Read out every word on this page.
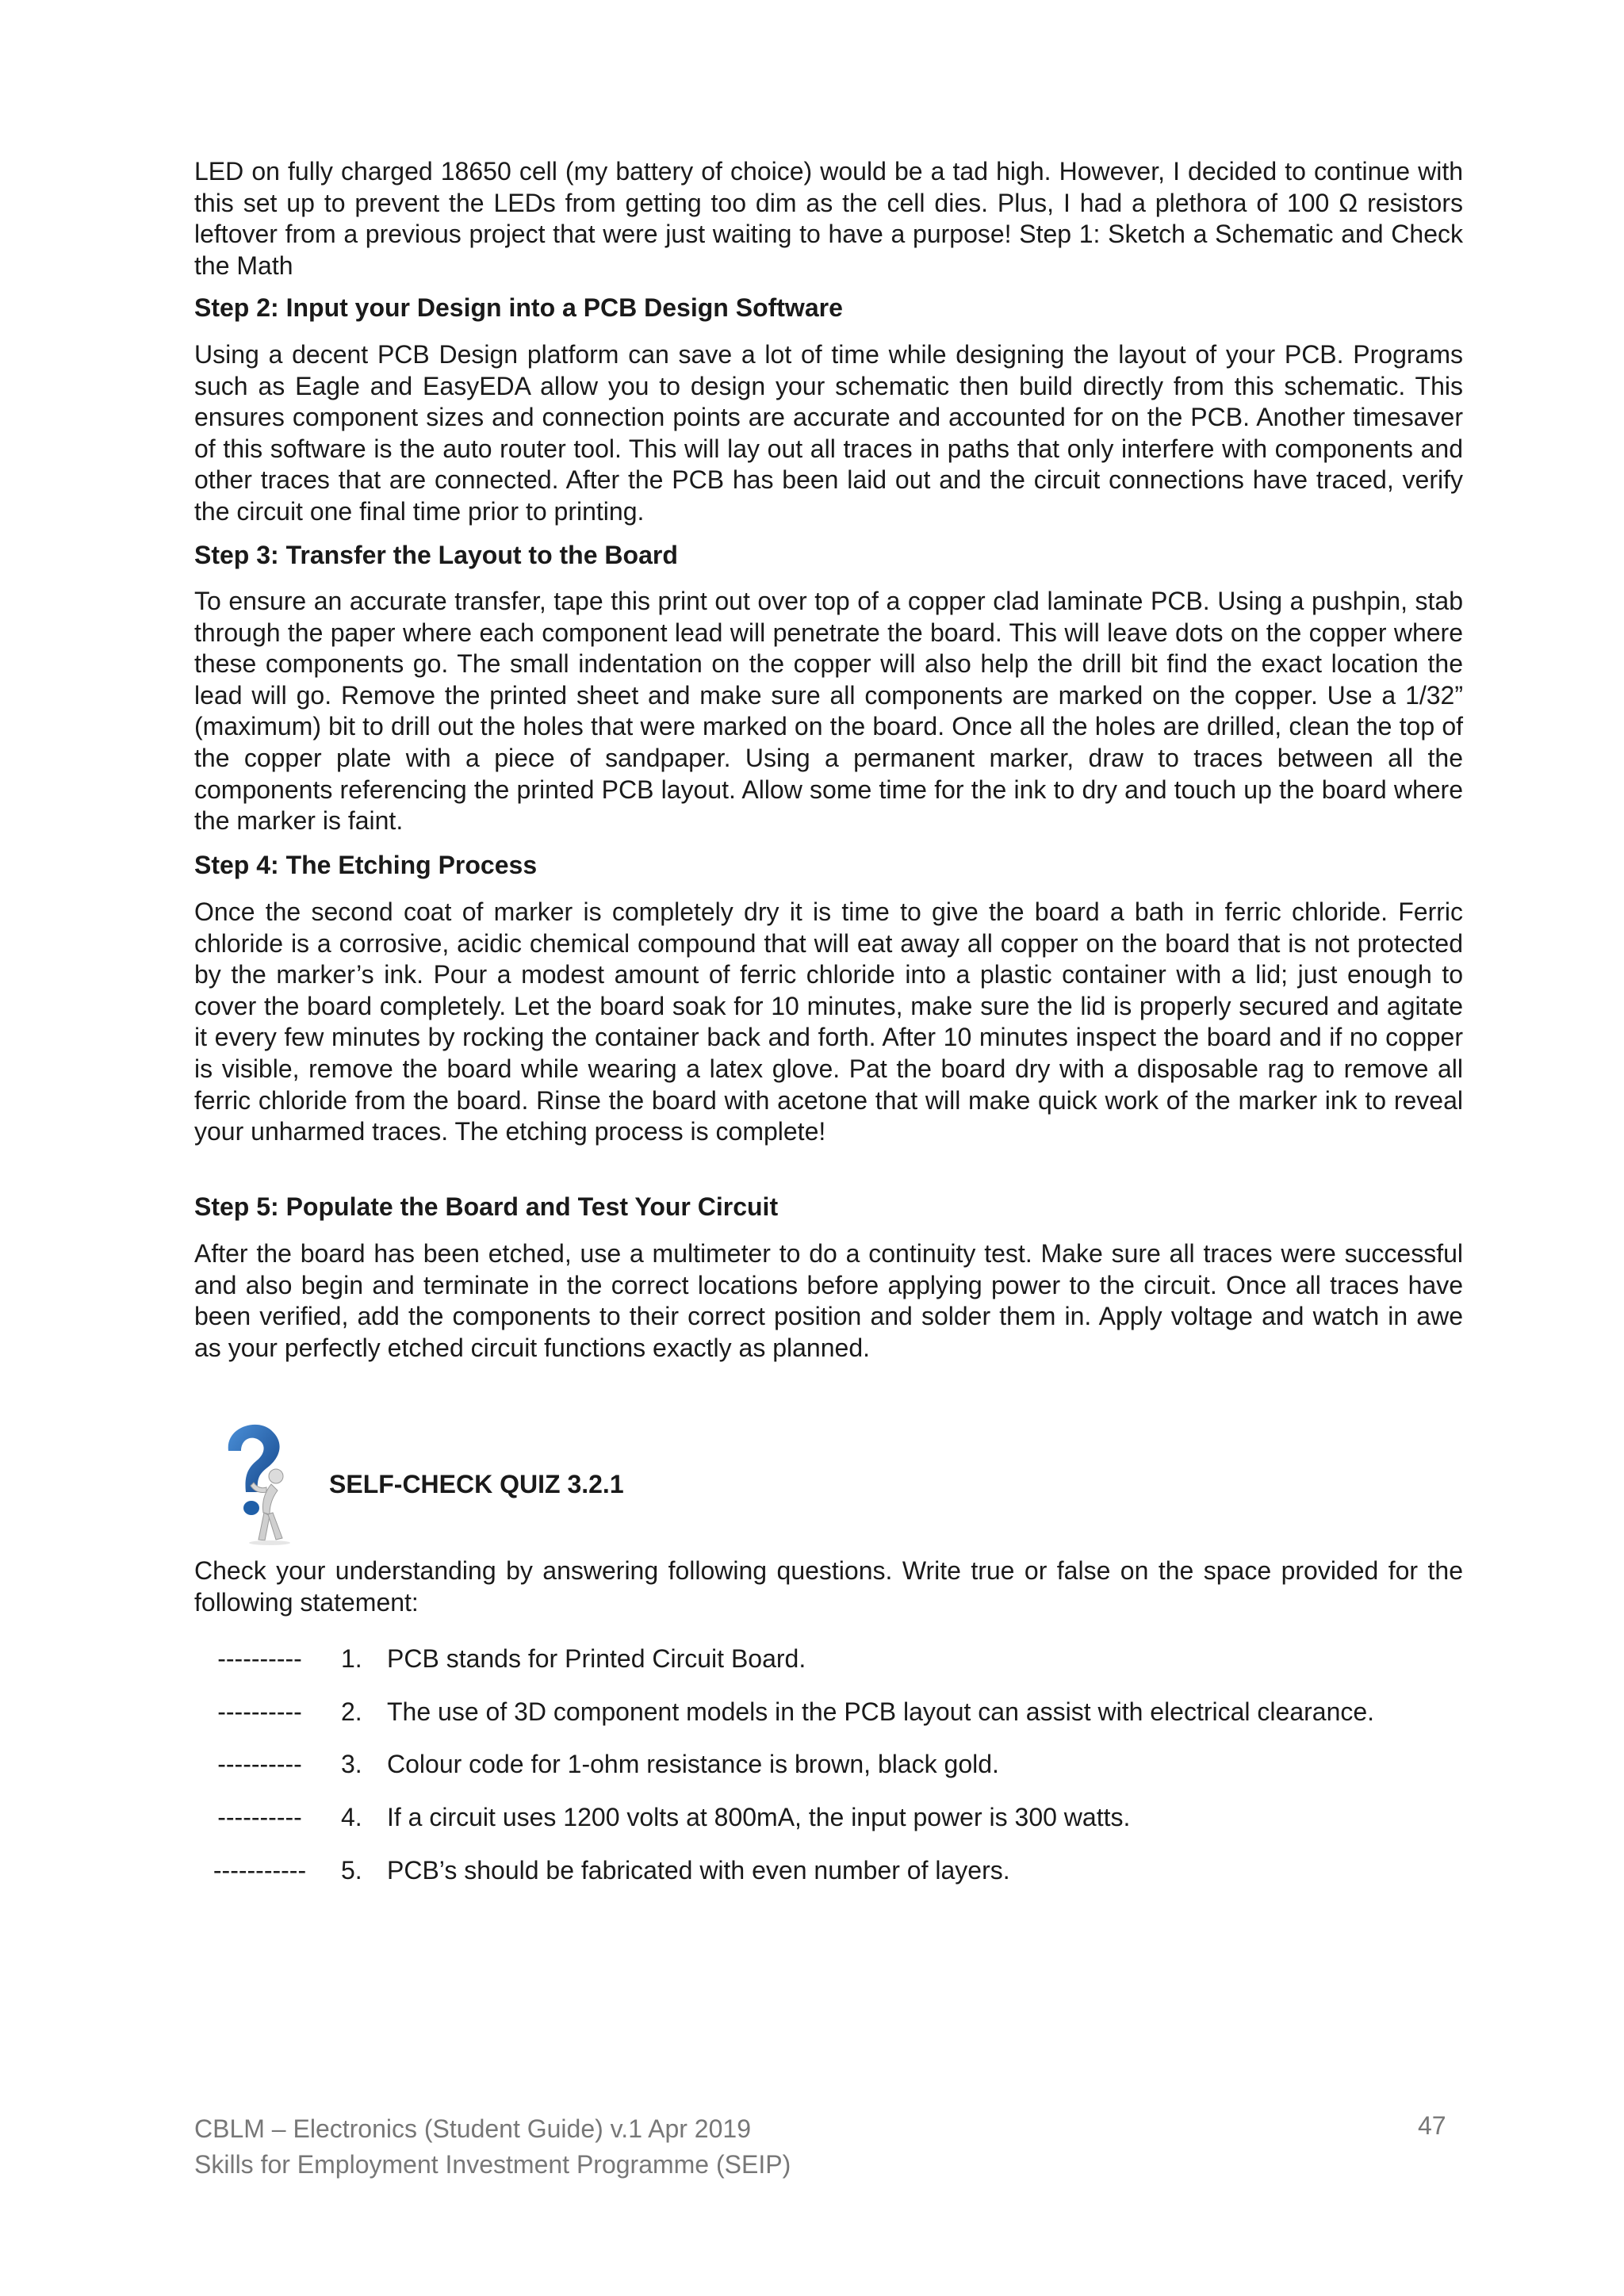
LED on fully charged 18650 cell (my battery of choice) would be a tad high. However, I decided to continue with this set up to prevent the LEDs from getting too dim as the cell dies. Plus, I had a plethora of 100 Ω resistors leftover from a previous project that were just waiting to have a purpose! Step 1: Sketch a Schematic and Check the Math

Step 2: Input your Design into a PCB Design Software

Using a decent PCB Design platform can save a lot of time while designing the layout of your PCB. Programs such as Eagle and EasyEDA allow you to design your schematic then build directly from this schematic. This ensures component sizes and connection points are accurate and accounted for on the PCB. Another timesaver of this software is the auto router tool. This will lay out all traces in paths that only interfere with components and other traces that are connected. After the PCB has been laid out and the circuit connections have traced, verify the circuit one final time prior to printing.

Step 3: Transfer the Layout to the Board

To ensure an accurate transfer, tape this print out over top of a copper clad laminate PCB. Using a pushpin, stab through the paper where each component lead will penetrate the board. This will leave dots on the copper where these components go. The small indentation on the copper will also help the drill bit find the exact location the lead will go. Remove the printed sheet and make sure all components are marked on the copper. Use a 1/32” (maximum) bit to drill out the holes that were marked on the board. Once all the holes are drilled, clean the top of the copper plate with a piece of sandpaper. Using a permanent marker, draw to traces between all the components referencing the printed PCB layout. Allow some time for the ink to dry and touch up the board where the marker is faint.

Step 4: The Etching Process

Once the second coat of marker is completely dry it is time to give the board a bath in ferric chloride. Ferric chloride is a corrosive, acidic chemical compound that will eat away all copper on the board that is not protected by the marker’s ink. Pour a modest amount of ferric chloride into a plastic container with a lid; just enough to cover the board completely. Let the board soak for 10 minutes, make sure the lid is properly secured and agitate it every few minutes by rocking the container back and forth. After 10 minutes inspect the board and if no copper is visible, remove the board while wearing a latex glove. Pat the board dry with a disposable rag to remove all ferric chloride from the board. Rinse the board with acetone that will make quick work of the marker ink to reveal your unharmed traces. The etching process is complete!

Step 5: Populate the Board and Test Your Circuit

After the board has been etched, use a multimeter to do a continuity test. Make sure all traces were successful and also begin and terminate in the correct locations before applying power to the circuit. Once all traces have been verified, add the components to their correct position and solder them in. Apply voltage and watch in awe as your perfectly etched circuit functions exactly as planned.

SELF-CHECK QUIZ 3.2.1

Check your understanding by answering following questions. Write true or false on the space provided for the following statement:

---------- 1. PCB stands for Printed Circuit Board.
---------- 2. The use of 3D component models in the PCB layout can assist with electrical clearance.
---------- 3. Colour code for 1-ohm resistance is brown, black gold.
---------- 4. If a circuit uses 1200 volts at 800mA, the input power is 300 watts.
-----------	5. PCB’s should be fabricated with even number of layers.
CBLM – Electronics (Student Guide) v.1 Apr 2019
Skills for Employment Investment Programme (SEIP)
47
